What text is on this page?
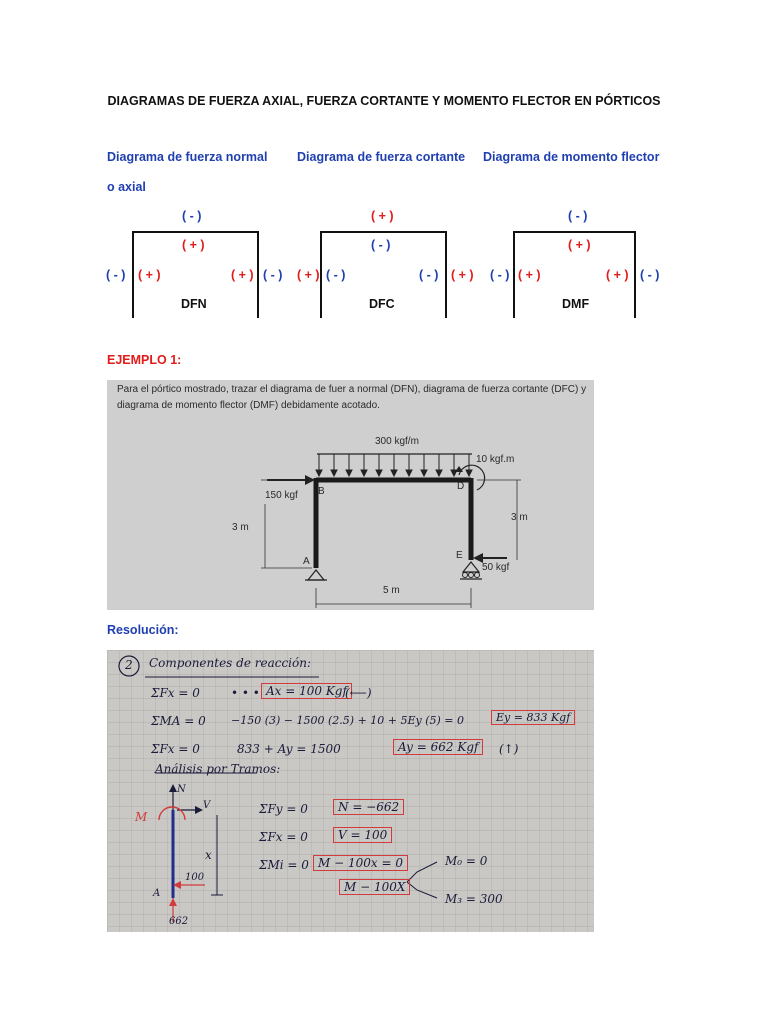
DIAGRAMAS DE FUERZA AXIAL, FUERZA CORTANTE Y MOMENTO FLECTOR EN PÓRTICOS
Diagrama de fuerza normal
o axial
Diagrama de fuerza cortante Diagrama de momento flector
( - )
( + )
( - ) ( + )	( + ) ( - )
DFN
( + )
( - )
( + ) ( - )	( - ) ( + )
DFC
( - )
( + )
( - ) ( + )	( + ) ( - )
DMF
EJEMPLO 1:
Para el pórtico mostrado, trazar el diagrama de fuer a normal (DFN), diagrama de fuerza cortante (DFC) y
diagrama de momento flector (DMF) debidamente acotado.
300 kgf/m
10 kgf.m
150 kgf
50 kgf
3 m
3 m
5 m
A
B	D
E
Resolución:
2 Componentes de reacción:
ΣFx = 0	• • • Ax = 100 Kgf
(⟵)
ΣMA = 0 −150 (3) − 1500 (2.5) + 10 + 5Ey (5) = 0	Ey = 833 Kgf
ΣFx = 0	833 + Ay = 1500	Ay = 662 Kgf	(↑)
Análisis por Tramos:
N
M
V
x
A
100
662
ΣFy = 0	N = −662
ΣFx = 0	V = 100
ΣMi = 0 M − 100x = 0
M − 100X
M₀ = 0
M₃ = 300
